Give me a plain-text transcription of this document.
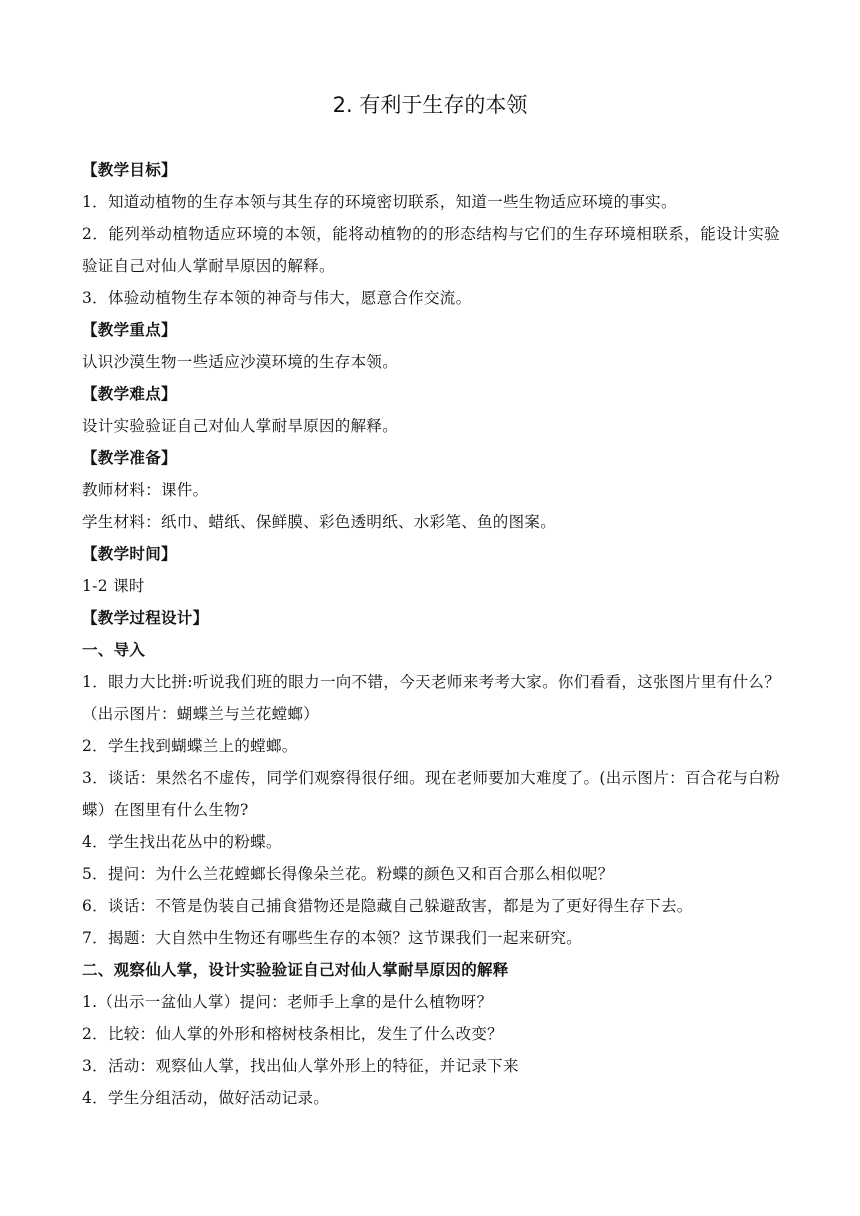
2. 有利于生存的本领
【教学目标】
1．知道动植物的生存本领与其生存的环境密切联系，知道一些生物适应环境的事实。
2．能列举动植物适应环境的本领，能将动植物的的形态结构与它们的生存环境相联系，能设计实验验证自己对仙人掌耐旱原因的解释。
3．体验动植物生存本领的神奇与伟大，愿意合作交流。
【教学重点】
认识沙漠生物一些适应沙漠环境的生存本领。
【教学难点】
设计实验验证自己对仙人掌耐旱原因的解释。
【教学准备】
教师材料：课件。
学生材料：纸巾、蜡纸、保鲜膜、彩色透明纸、水彩笔、鱼的图案。
【教学时间】
1-2 课时
【教学过程设计】
一、导入
1．眼力大比拼:听说我们班的眼力一向不错，今天老师来考考大家。你们看看，这张图片里有什么？（出示图片：蝴蝶兰与兰花螳螂）
2．学生找到蝴蝶兰上的螳螂。
3．谈话：果然名不虚传，同学们观察得很仔细。现在老师要加大难度了。(出示图片：百合花与白粉蝶）在图里有什么生物?
4．学生找出花丛中的粉蝶。
5．提问：为什么兰花螳螂长得像朵兰花。粉蝶的颜色又和百合那么相似呢？
6．谈话：不管是伪装自己捕食猎物还是隐藏自己躲避敌害，都是为了更好得生存下去。
7．揭题：大自然中生物还有哪些生存的本领？这节课我们一起来研究。
二、观察仙人掌，设计实验验证自己对仙人掌耐旱原因的解释
1.（出示一盆仙人掌）提问：老师手上拿的是什么植物呀？
2．比较：仙人掌的外形和榕树枝条相比，发生了什么改变？
3．活动：观察仙人掌，找出仙人掌外形上的特征，并记录下来
4．学生分组活动，做好活动记录。
